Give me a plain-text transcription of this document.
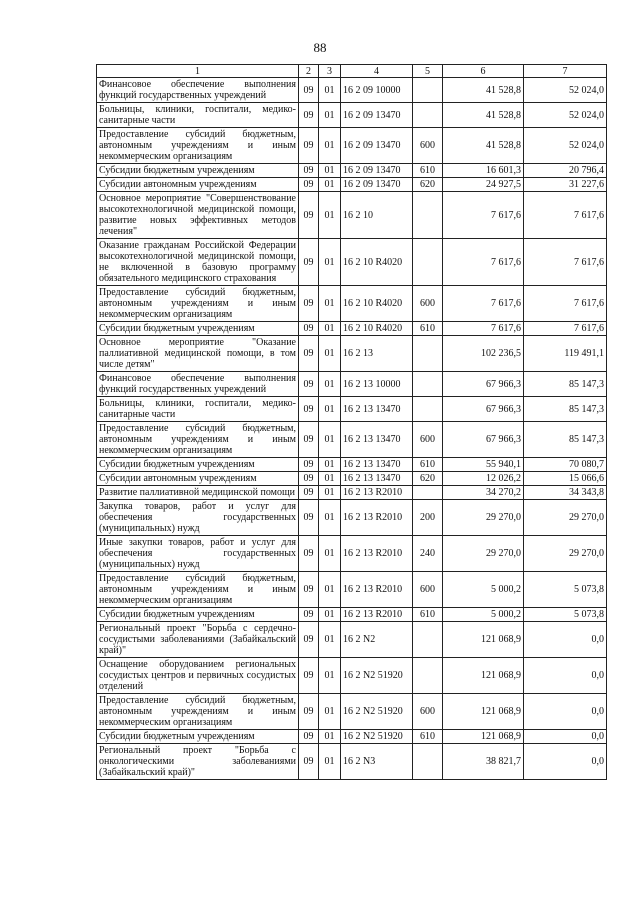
88
1	2	3	4	5	6	7
Финансовое обеспечение выполнения функций государственных учреждений	09	01	16 2 09 10000		41 528,8	52 024,0
Больницы, клиники, госпитали, медико-санитарные части	09	01	16 2 09 13470		41 528,8	52 024,0
Предоставление субсидий бюджетным, автономным учреждениям и иным некоммерческим организациям	09	01	16 2 09 13470	600	41 528,8	52 024,0
Субсидии бюджетным учреждениям	09	01	16 2 09 13470	610	16 601,3	20 796,4
Субсидии автономным учреждениям	09	01	16 2 09 13470	620	24 927,5	31 227,6
Основное мероприятие "Совершенствование высокотехнологичной медицинской помощи, развитие новых эффективных методов лечения"	09	01	16 2 10		7 617,6	7 617,6
Оказание гражданам Российской Федерации высокотехнологичной медицинской помощи, не включенной в базовую программу обязательного медицинского страхования	09	01	16 2 10 R4020		7 617,6	7 617,6
Предоставление субсидий бюджетным, автономным учреждениям и иным некоммерческим организациям	09	01	16 2 10 R4020	600	7 617,6	7 617,6
Субсидии бюджетным учреждениям	09	01	16 2 10 R4020	610	7 617,6	7 617,6
Основное мероприятие "Оказание паллиативной медицинской помощи, в том числе детям"	09	01	16 2 13		102 236,5	119 491,1
Финансовое обеспечение выполнения функций государственных учреждений	09	01	16 2 13 10000		67 966,3	85 147,3
Больницы, клиники, госпитали, медико-санитарные части	09	01	16 2 13 13470		67 966,3	85 147,3
Предоставление субсидий бюджетным, автономным учреждениям и иным некоммерческим организациям	09	01	16 2 13 13470	600	67 966,3	85 147,3
Субсидии бюджетным учреждениям	09	01	16 2 13 13470	610	55 940,1	70 080,7
Субсидии автономным учреждениям	09	01	16 2 13 13470	620	12 026,2	15 066,6
Развитие паллиативной медицинской помощи	09	01	16 2 13 R2010		34 270,2	34 343,8
Закупка товаров, работ и услуг для обеспечения государственных (муниципальных) нужд	09	01	16 2 13 R2010	200	29 270,0	29 270,0
Иные закупки товаров, работ и услуг для обеспечения государственных (муниципальных) нужд	09	01	16 2 13 R2010	240	29 270,0	29 270,0
Предоставление субсидий бюджетным, автономным учреждениям и иным некоммерческим организациям	09	01	16 2 13 R2010	600	5 000,2	5 073,8
Субсидии бюджетным учреждениям	09	01	16 2 13 R2010	610	5 000,2	5 073,8
Региональный проект "Борьба с сердечно-сосудистыми заболеваниями (Забайкальский край)"	09	01	16 2 N2		121 068,9	0,0
Оснащение оборудованием региональных сосудистых центров и первичных сосудистых отделений	09	01	16 2 N2 51920		121 068,9	0,0
Предоставление субсидий бюджетным, автономным учреждениям и иным некоммерческим организациям	09	01	16 2 N2 51920	600	121 068,9	0,0
Субсидии бюджетным учреждениям	09	01	16 2 N2 51920	610	121 068,9	0,0
Региональный проект "Борьба с онкологическими заболеваниями (Забайкальский край)"	09	01	16 2 N3		38 821,7	0,0
